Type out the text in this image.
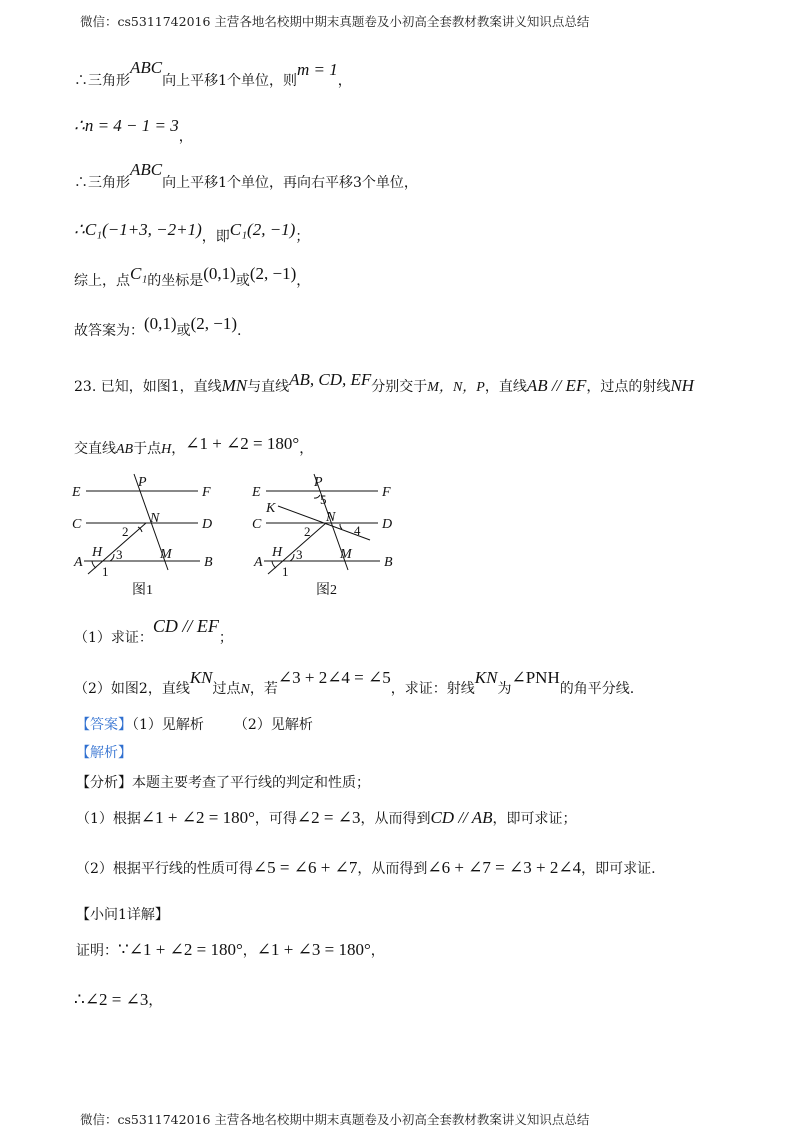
微信：cs5311742016 主营各地名校期中期末真题卷及小初高全套教材教案讲义知识点总结
∴三角形ABC向上平移1个单位，则m = 1，
∴n = 4 − 1 = 3，
∴三角形ABC向上平移1个单位，再向右平移3个单位，
∴C₁(−1+3, −2+1)，即C₁(2, −1)；
综上，点C₁的坐标是(0,1)或(2, −1)，
故答案为：(0,1)或(2, −1).
23. 已知，如图1，直线MN与直线AB, CD, EF分别交于M，N，P，直线AB // EF，过点的射线NH
交直线AB于点H，∠1 + ∠2 = 180°，
E	F
C	D
A	B
P
N
M
H
1
2
3
图1
E	F
C	D
A	B
P
N
M
H
K
1
2
3
4
5
图2
（1）求证：CD // EF；
（2）如图2，直线KN过点N，若∠3 + 2∠4 = ∠5，求证：射线KN为∠PNH的角平分线.
【答案】（1）见解析 （2）见解析
【解析】
【分析】本题主要考查了平行线的判定和性质；
（1）根据∠1 + ∠2 = 180°，可得∠2 = ∠3，从而得到CD // AB，即可求证；
（2）根据平行线的性质可得∠5 = ∠6 + ∠7，从而得到∠6 + ∠7 = ∠3 + 2∠4，即可求证.
【小问1详解】
证明：∵∠1 + ∠2 = 180°，∠1 + ∠3 = 180°，
∴∠2 = ∠3，
微信：cs5311742016 主营各地名校期中期末真题卷及小初高全套教材教案讲义知识点总结
